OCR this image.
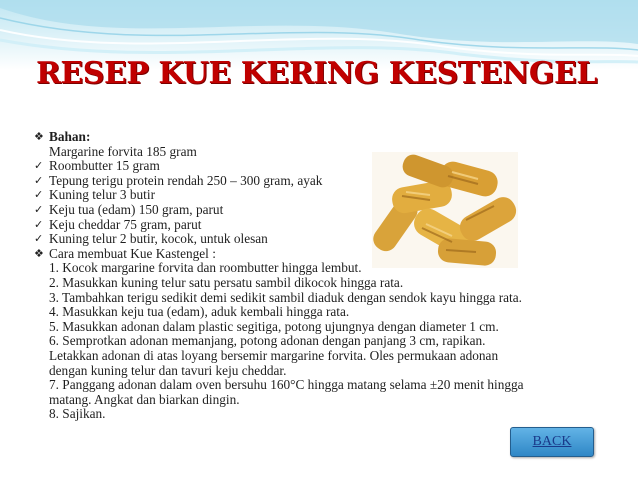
RESEP KUE KERING KESTENGEL
❖ Bahan:
Margarine forvita 185 gram
✓ Roombutter 15 gram
✓ Tepung terigu protein rendah 250 – 300 gram, ayak
✓ Kuning telur 3 butir
✓ Keju tua (edam) 150 gram, parut
✓ Keju cheddar 75 gram, parut
✓ Kuning telur 2 butir, kocok, untuk olesan
❖ Cara membuat Kue Kastengel :
1. Kocok margarine forvita dan roombutter hingga lembut.
2. Masukkan kuning telur satu persatu sambil dikocok hingga rata.
3. Tambahkan terigu sedikit demi sedikit sambil diaduk dengan sendok kayu hingga rata.
4. Masukkan keju tua (edam), aduk kembali hingga rata.
5. Masukkan adonan dalam plastic segitiga, potong ujungnya dengan diameter 1 cm.
6. Semprotkan adonan memanjang, potong adonan dengan panjang 3 cm, rapikan.
Letakkan adonan di atas loyang bersemir margarine forvita. Oles permukaan adonan
dengan kuning telur dan tavuri keju cheddar.
7. Panggang adonan dalam oven bersuhu 160°C hingga matang selama ±20 menit hingga
matang. Angkat dan biarkan dingin.
8. Sajikan.
BACK
